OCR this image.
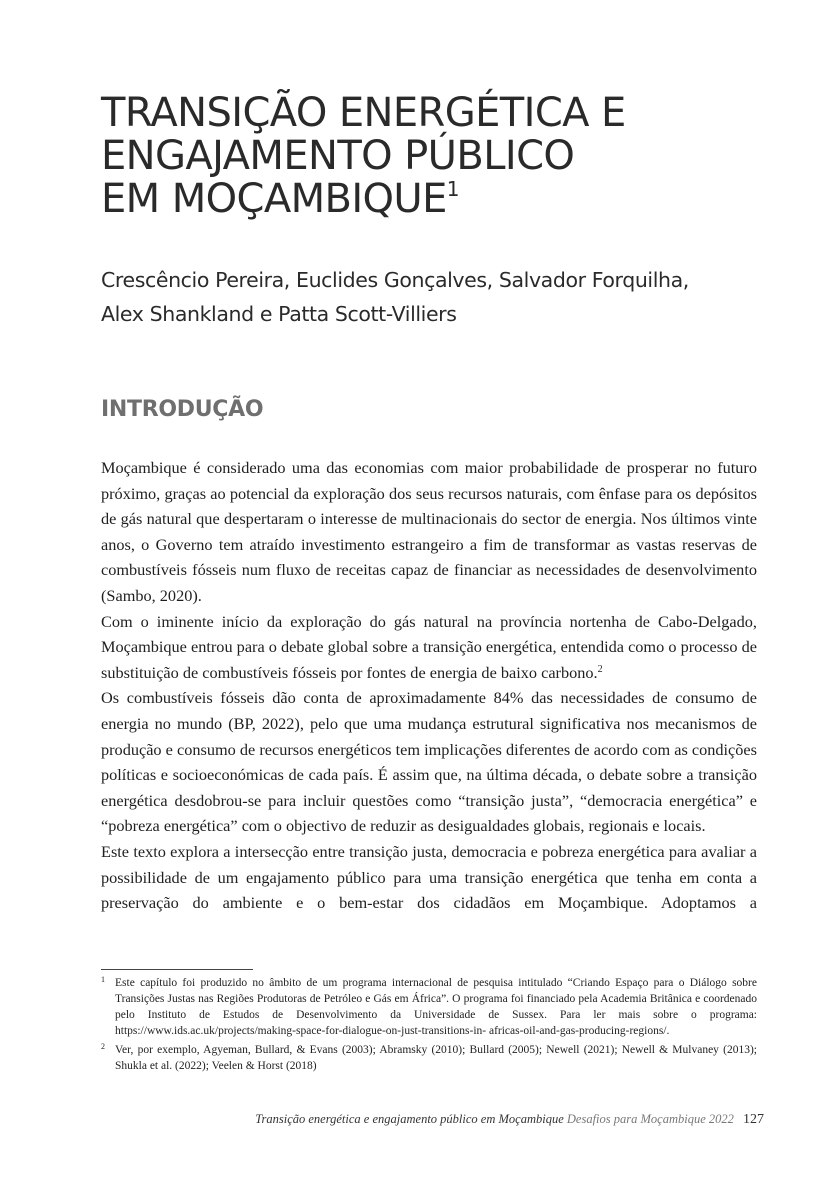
TRANSIÇÃO ENERGÉTICA E
ENGAJAMENTO PÚBLICO
EM MOÇAMBIQUE$^1$
Crescêncio Pereira, Euclides Gonçalves, Salvador Forquilha,
Alex Shankland e Patta Scott-Villiers
INTRODUÇÃO

Moçambique é considerado uma das economias com maior probabilidade de prosperar no futuro próximo, graças ao potencial da exploração dos seus recursos naturais, com ênfase para os depósitos de gás natural que despertaram o interesse de multinacionais do sector de energia. Nos últimos vinte anos, o Governo tem atraído investimento estrangeiro a fim de transformar as vastas reservas de combustíveis fósseis num fluxo de receitas capaz de financiar as necessidades de desenvolvimento (Sambo, 2020).

Com o iminente início da exploração do gás natural na província nortenha de Cabo-Delgado, Moçambique entrou para o debate global sobre a transição energética, entendida como o processo de substituição de combustíveis fósseis por fontes de energia de baixo carbono.$^2$

Os combustíveis fósseis dão conta de aproximadamente 84% das necessidades de consumo de energia no mundo (BP, 2022), pelo que uma mudança estrutural significativa nos mecanismos de produção e consumo de recursos energéticos tem implicações diferentes de acordo com as condições políticas e socioeconómicas de cada país. É assim que, na última década, o debate sobre a transição energética desdobrou-se para incluir questões como “transição justa”, “democracia energética” e “pobreza energética” com o objectivo de reduzir as desigualdades globais, regionais e locais.

Este texto explora a intersecção entre transição justa, democracia e pobreza energética para avaliar a possibilidade de um engajamento público para uma transição energética que tenha em conta a preservação do ambiente e o bem-estar dos cidadãos em Moçambique. Adoptamos a

1 Este capítulo foi produzido no âmbito de um programa internacional de pesquisa intitulado “Criando Espaço para o Diálogo sobre Transições Justas nas Regiões Produtoras de Petróleo e Gás em África”. O programa foi financiado pela Academia Britânica e coordenado pelo Instituto de Estudos de Desenvolvimento da Universidade de Sussex. Para ler mais sobre o programa: https://www.ids.ac.uk/projects/making-space-for-dialogue-on-just-transitions-in- africas-oil-and-gas-producing-regions/.
2 Ver, por exemplo, Agyeman, Bullard, & Evans (2003); Abramsky (2010); Bullard (2005); Newell (2021); Newell & Mulvaney (2013); Shukla et al. (2022); Veelen & Horst (2018)
Transição energética e engajamento público em Moçambique Desafios para Moçambique 2022 127
